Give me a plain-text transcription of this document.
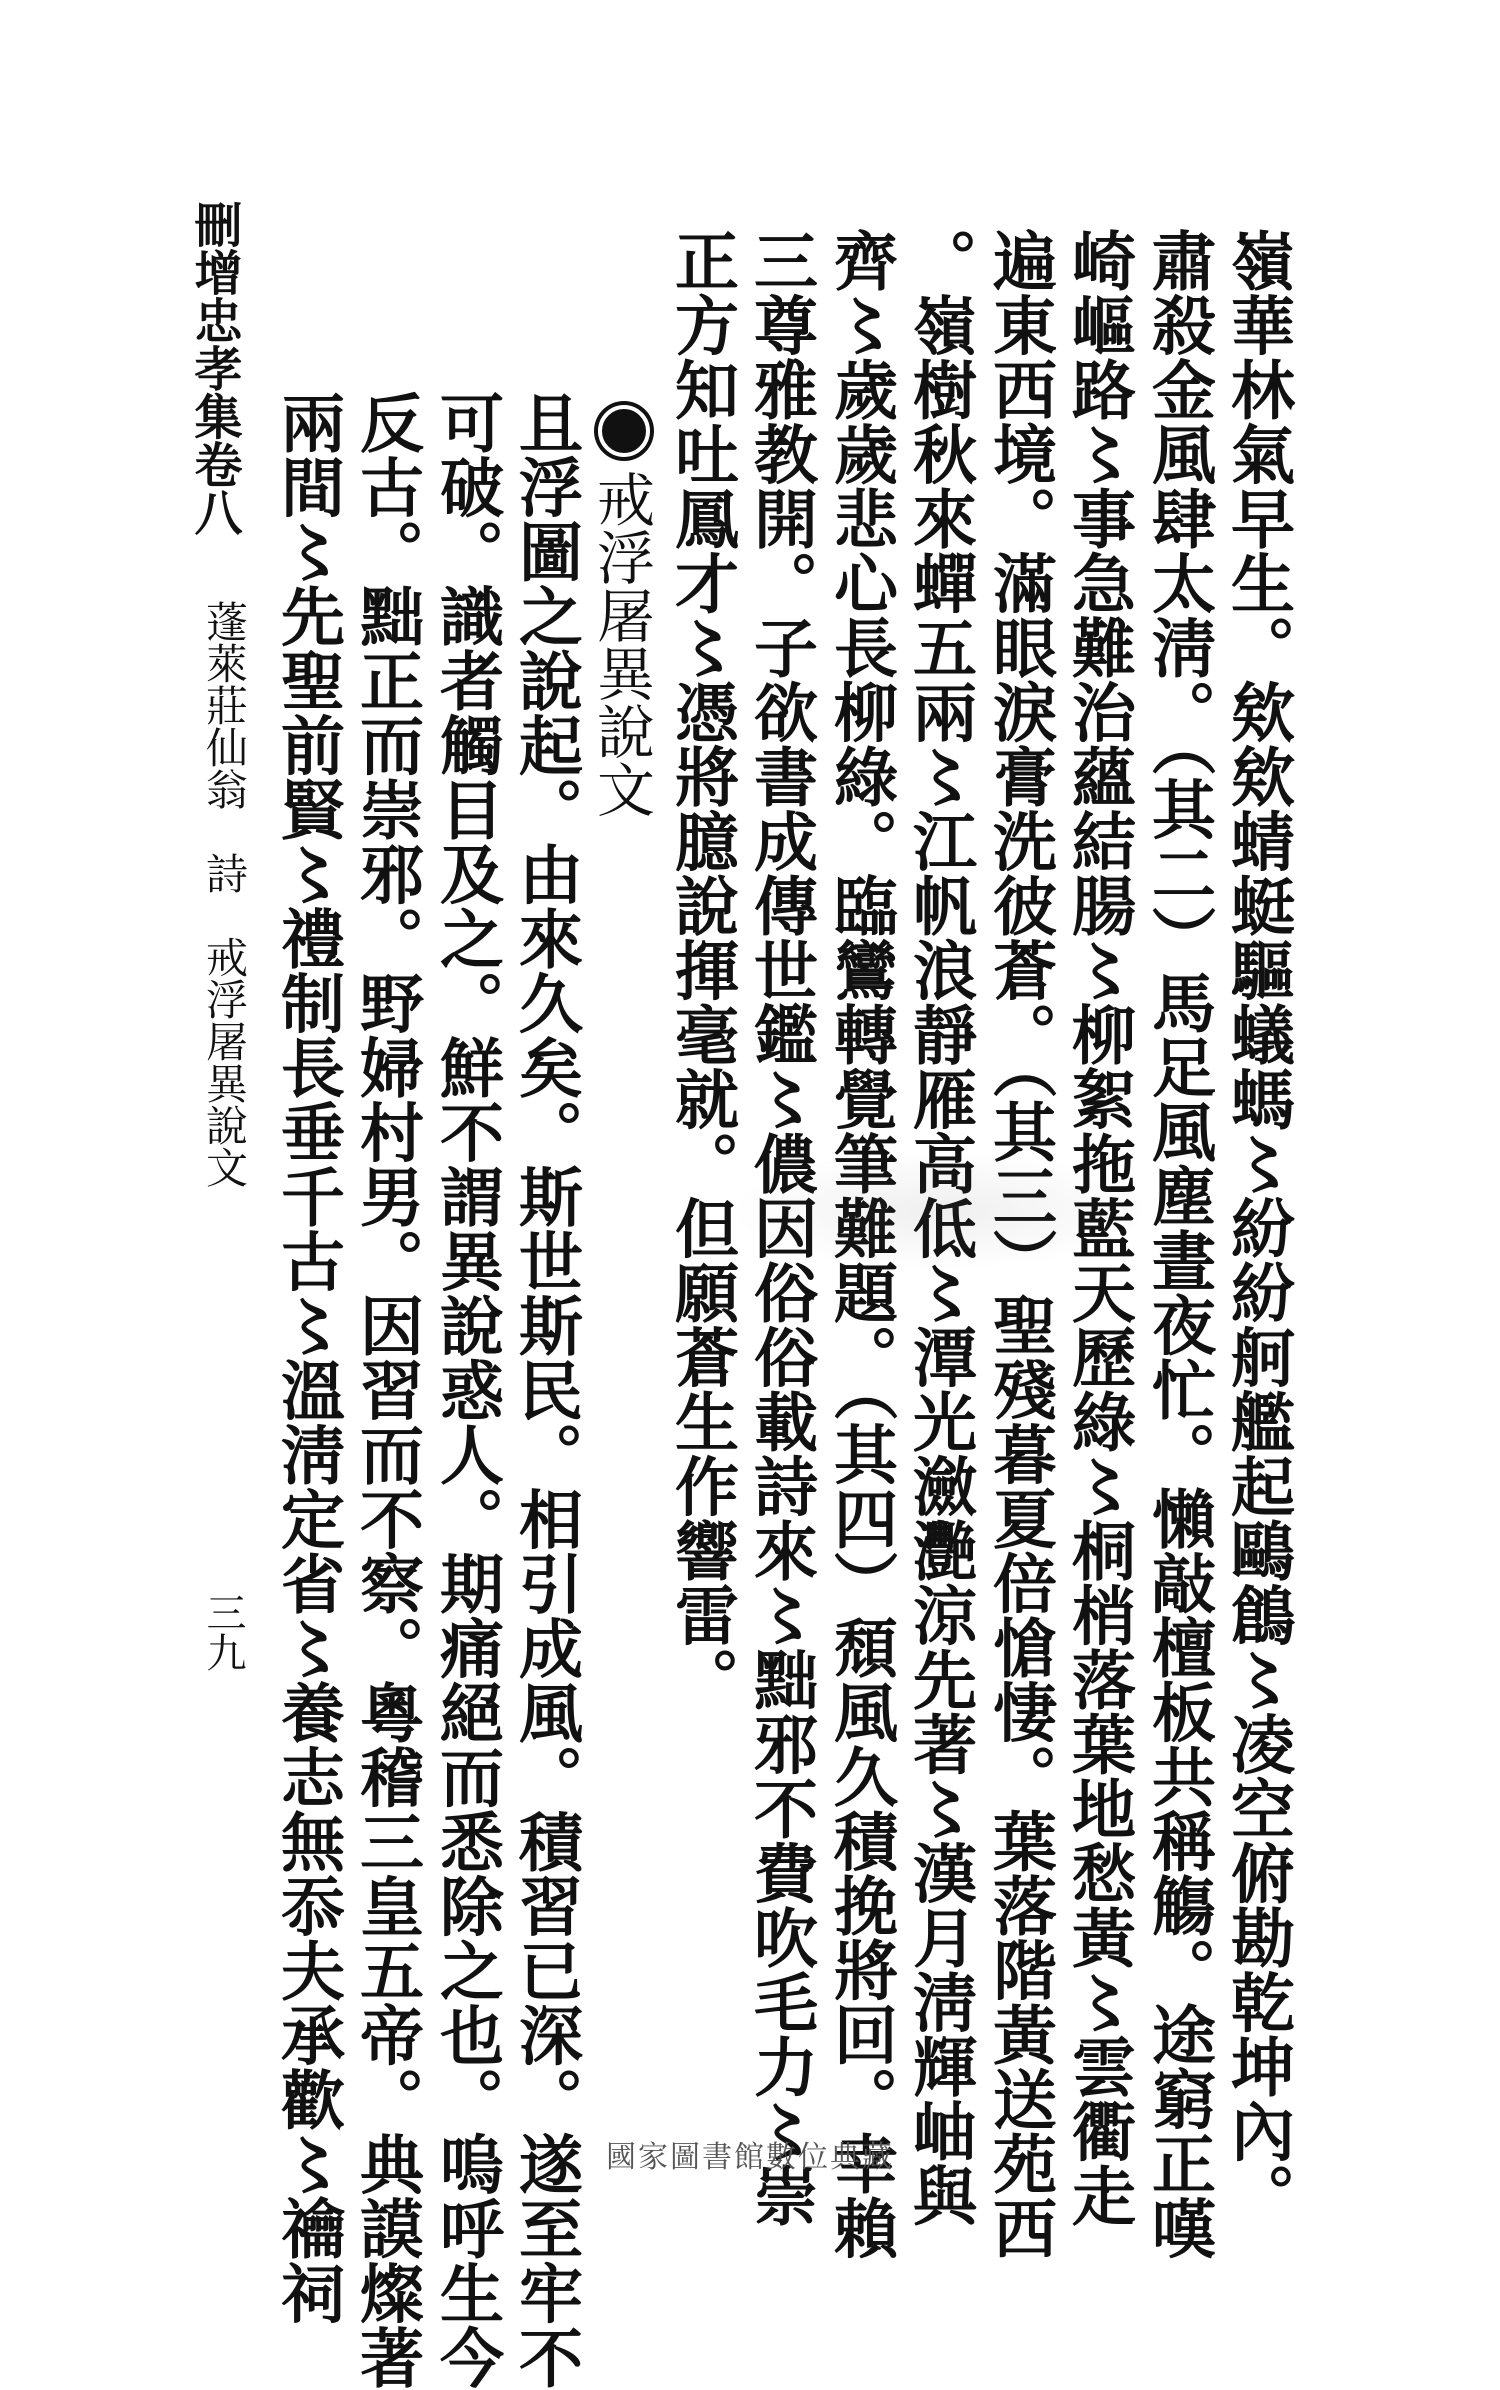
嶺華林氣早生。欸欸蜻蜓驅蟻螞〻紛紛舸艦起鷗鶬〻凌空俯勘乾坤內。
肅殺金風肆太淸。（其二）馬足風塵晝夜忙。懶敲檀板共稱觴。途窮正嘆
崎嶇路〻事急難治蘊結腸〻柳絮拖藍天歷綠〻桐梢落葉地愁黃〻雲衢走
遍東西境。滿眼淚膏洗彼蒼。（其三）聖殘暮夏倍愴悽。葉落階黃送苑西
。嶺樹秋來蟬五兩〻江帆浪靜雁高低〻潭光瀲灧涼先著〻漢月淸輝岫與
齊〻歲歲悲心長柳綠。臨鸞轉覺筆難題。（其四）頹風久積挽將回。幸賴
三尊雅教開。子欲書成傳世鑑〻儂因俗俗載詩來〻黜邪不費吹毛力〻崇
正方知吐鳳才〻憑將臆說揮毫就。但願蒼生作響雷。
戒浮屠異說文
且浮圖之說起。由來久矣。斯世斯民。相引成風。積習已深。遂至牢不
可破。識者觸目及之。鮮不謂異說惑人。期痛絕而悉除之也。嗚呼生今
反古。黜正而崇邪。野婦村男。因習而不察。粵稽三皇五帝。典謨燦著
兩間〻先聖前賢〻禮制長垂千古〻溫淸定省〻養志無忝夫承歡〻禴祠
刪增忠孝集卷八
蓬萊莊仙翁　詩　戒浮屠異說文
三九
國家圖書館數位典藏
